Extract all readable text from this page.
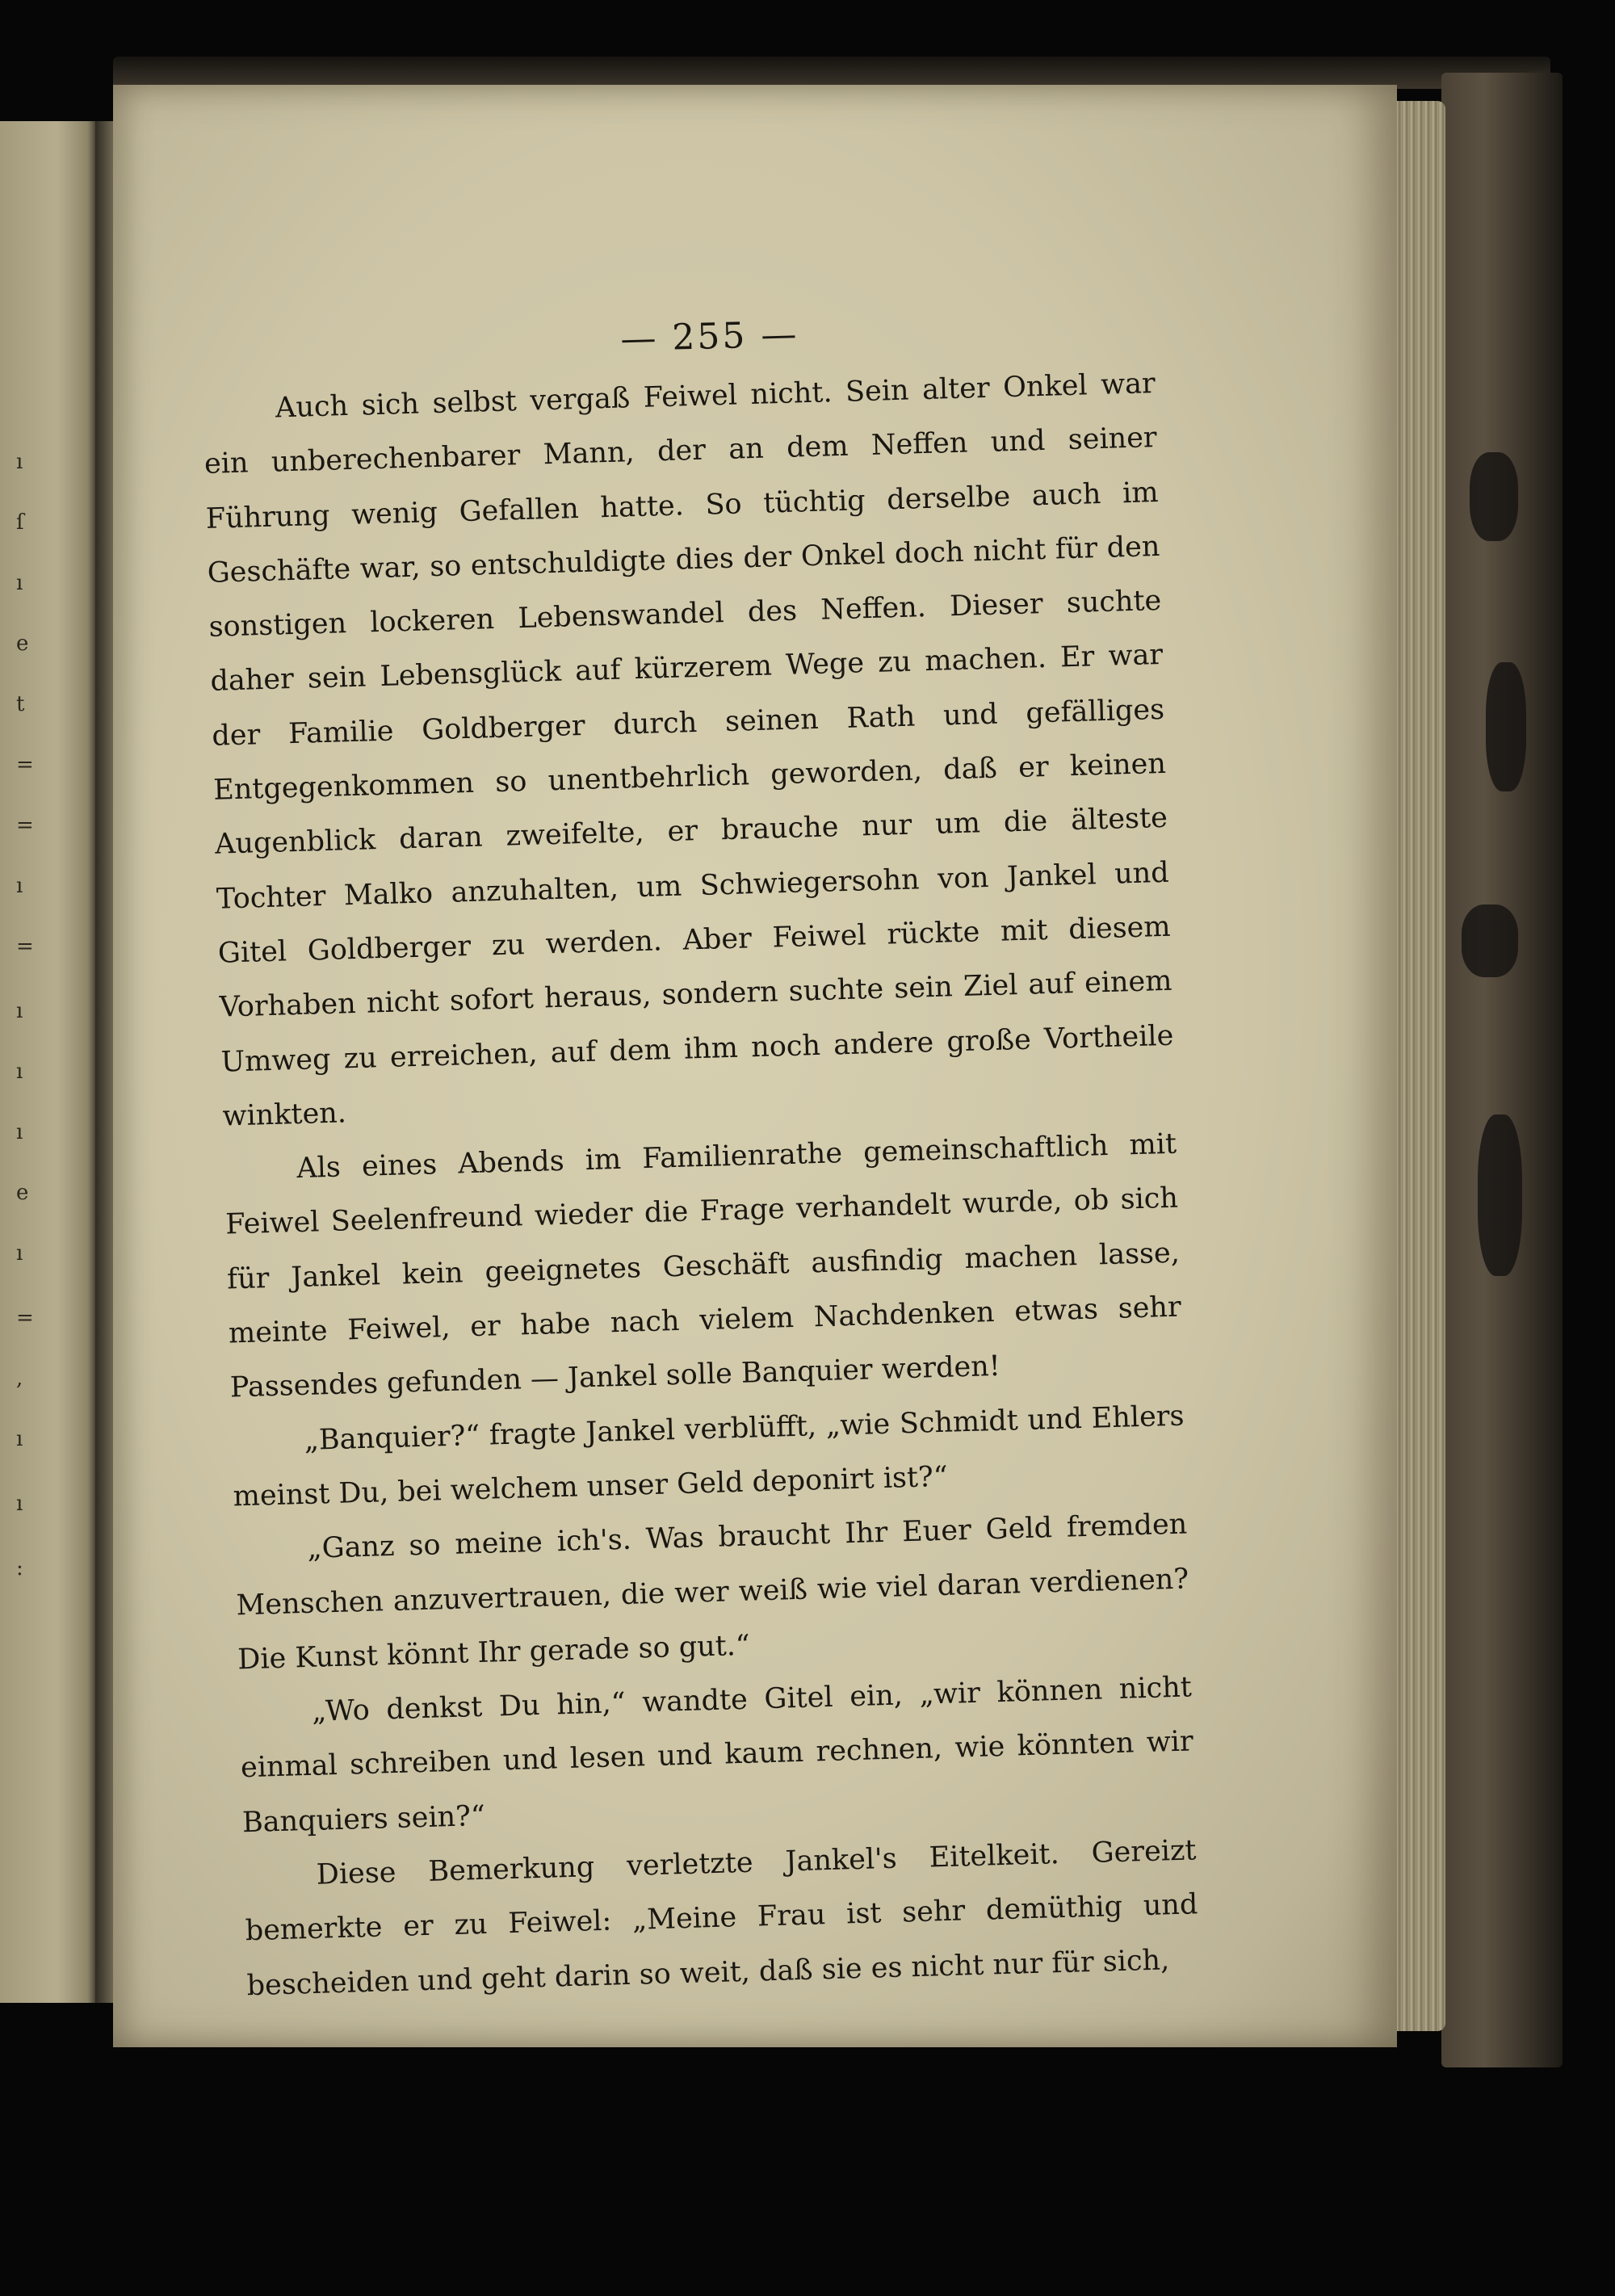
ı
ſ
ı
e
t
=
=
ı
=
ı
ı
ı
e
ı
=
,
ı
ı
:
— 255 —

Auch sich selbst vergaß Feiwel nicht. Sein alter Onkel war ein unberechenbarer Mann, der an dem Neffen und seiner Führung wenig Gefallen hatte. So tüchtig derselbe auch im Geschäfte war, so entschuldigte dies der Onkel doch nicht für den sonstigen lockeren Lebenswandel des Neffen. Dieser suchte daher sein Lebensglück auf kürzerem Wege zu machen. Er war der Familie Goldberger durch seinen Rath und gefälliges Entgegenkommen so unentbehrlich geworden, daß er keinen Augenblick daran zweifelte, er brauche nur um die älteste Tochter Malko anzuhalten, um Schwiegersohn von Jankel und Gitel Goldberger zu werden. Aber Feiwel rückte mit diesem Vorhaben nicht sofort heraus, sondern suchte sein Ziel auf einem Umweg zu erreichen, auf dem ihm noch andere große Vortheile winkten.

Als eines Abends im Familienrathe gemeinschaftlich mit Feiwel Seelenfreund wieder die Frage verhandelt wurde, ob sich für Jankel kein geeignetes Geschäft ausfindig machen lasse, meinte Feiwel, er habe nach vielem Nachdenken etwas sehr Passendes gefunden — Jankel solle Banquier werden!

„Banquier?“ fragte Jankel verblüfft, „wie Schmidt und Ehlers meinst Du, bei welchem unser Geld deponirt ist?“

„Ganz so meine ich's. Was braucht Ihr Euer Geld fremden Menschen anzuvertrauen, die wer weiß wie viel daran verdienen? Die Kunst könnt Ihr gerade so gut.“

„Wo denkst Du hin,“ wandte Gitel ein, „wir können nicht einmal schreiben und lesen und kaum rechnen, wie könnten wir Banquiers sein?“

Diese Bemerkung verletzte Jankel's Eitelkeit. Gereizt bemerkte er zu Feiwel: „Meine Frau ist sehr demüthig und bescheiden und geht darin so weit, daß sie es nicht nur für sich,
